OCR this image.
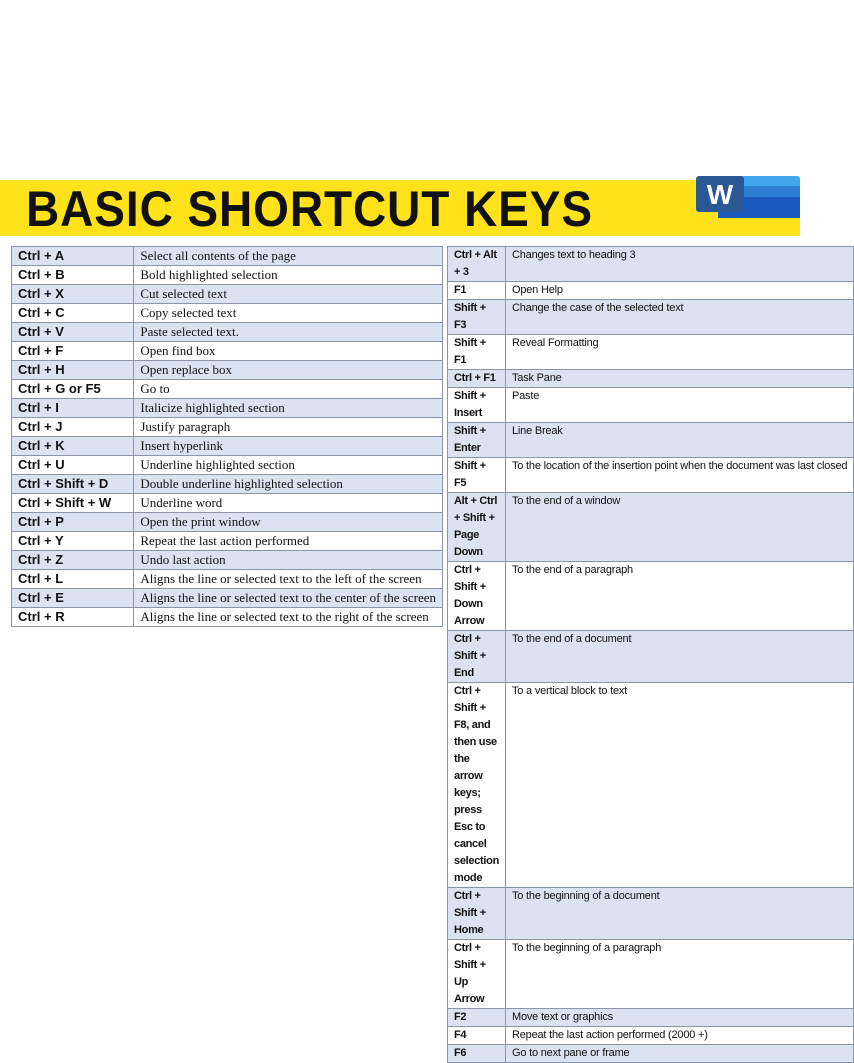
BASIC SHORTCUT KEYS	W
Ctrl + A	Select all contents of the page
Ctrl + B	Bold highlighted selection
Ctrl + X	Cut selected text
Ctrl + C	Copy selected text
Ctrl + V	Paste selected text.
Ctrl + F	Open find box
Ctrl + H	Open replace box
Ctrl + G or F5	Go to
Ctrl + I	Italicize highlighted section
Ctrl + J	Justify paragraph
Ctrl + K	Insert hyperlink
Ctrl + U	Underline highlighted section
Ctrl + Shift + D	Double underline highlighted selection
Ctrl + Shift + W	Underline word
Ctrl + P	Open the print window
Ctrl + Y	Repeat the last action performed
Ctrl + Z	Undo last action
Ctrl + L	Aligns the line or selected text to the left of the screen
Ctrl + E	Aligns the line or selected text to the center of the screen
Ctrl + R	Aligns the line or selected text to the right of the screen
Ctrl + Alt + 3	Changes text to heading 3
F1	Open Help
Shift + F3	Change the case of the selected text
Shift + F1	Reveal Formatting
Ctrl + F1	Task Pane
Shift + Insert	Paste
Shift + Enter	Line Break
Shift + F5	To the location of the insertion point when the document was last closed
Alt + Ctrl + Shift + Page Down	To the end of a window
Ctrl + Shift + Down Arrow	To the end of a paragraph
Ctrl + Shift + End	To the end of a document
Ctrl + Shift + F8, and then use the arrow keys; press Esc to cancel selection mode	To a vertical block to text
Ctrl + Shift + Home	To the beginning of a document
Ctrl + Shift + Up Arrow	To the beginning of a paragraph
F2	Move text or graphics
F4	Repeat the last action performed (2000 +)
F6	Go to next pane or frame
